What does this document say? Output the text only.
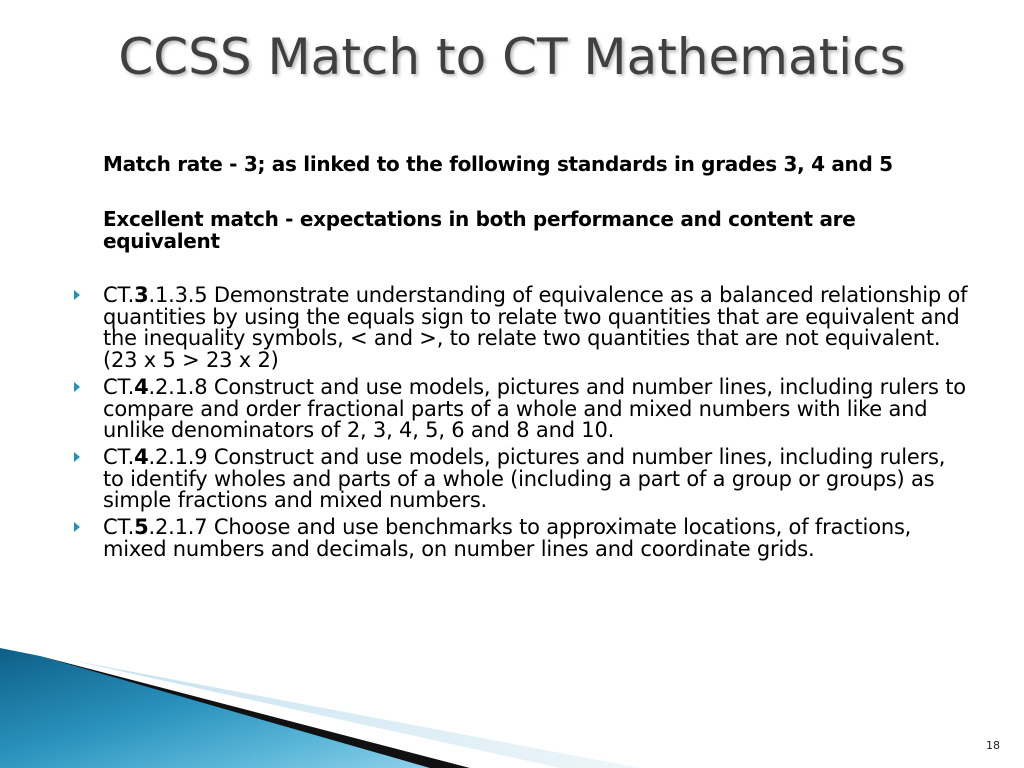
CCSS Match to CT Mathematics

Match rate - 3; as linked to the following standards in grades 3, 4 and 5

Excellent match - expectations in both performance and content are equivalent

CT.3.1.3.5 Demonstrate understanding of equivalence as a balanced relationship of quantities by using the equals sign to relate two quantities that are equivalent and the inequality symbols, < and >, to relate two quantities that are not equivalent. (23 x 5 > 23 x 2)
CT.4.2.1.8 Construct and use models, pictures and number lines, including rulers to compare and order fractional parts of a whole and mixed numbers with like and unlike denominators of 2, 3, 4, 5, 6 and 8 and 10.
CT.4.2.1.9 Construct and use models, pictures and number lines, including rulers, to identify wholes and parts of a whole (including a part of a group or groups) as simple fractions and mixed numbers.
CT.5.2.1.7 Choose and use benchmarks to approximate locations, of fractions, mixed numbers and decimals, on number lines and coordinate grids.
18
